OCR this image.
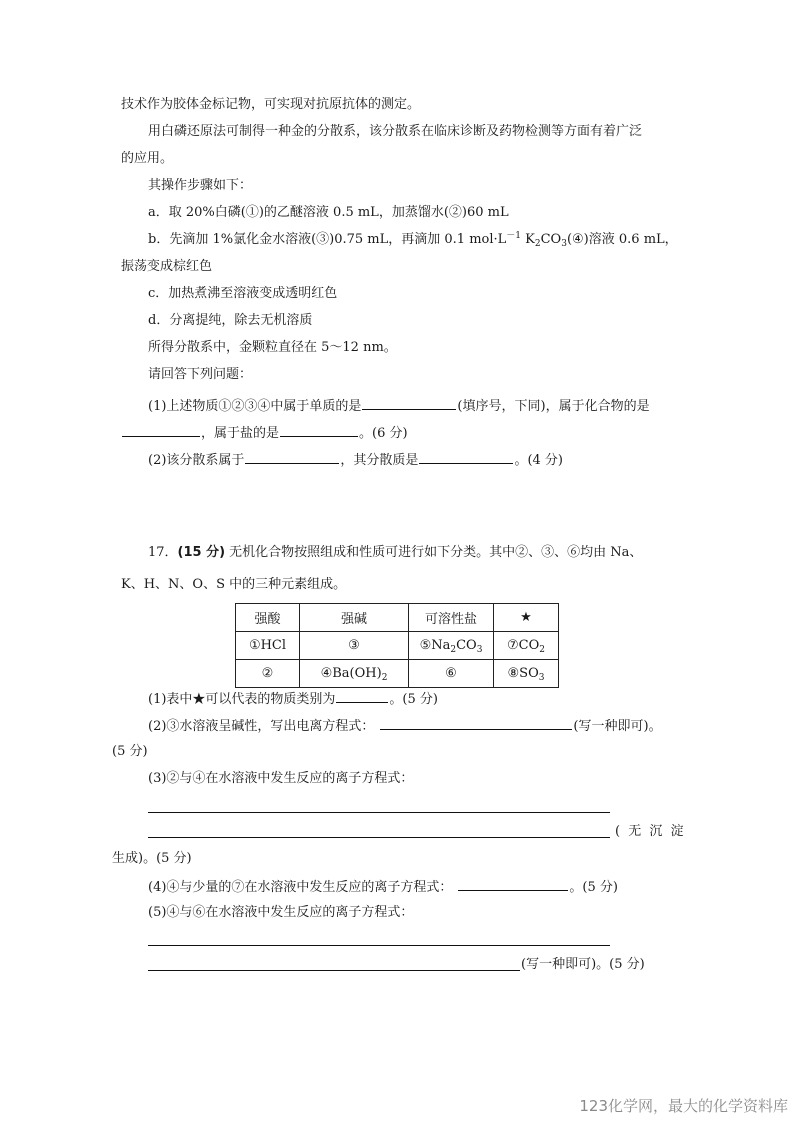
技术作为胶体金标记物，可实现对抗原抗体的测定。
用白磷还原法可制得一种金的分散系，该分散系在临床诊断及药物检测等方面有着广泛
的应用。
其操作步骤如下：
a．取 20%白磷(①)的乙醚溶液 0.5 mL，加蒸馏水(②)60 mL
b．先滴加 1%氯化金水溶液(③)0.75 mL，再滴加 0.1 $mol\cdot L^{-1}$ $K_2CO_3(④)$溶液 0.6 mL，
振荡变成棕红色
c．加热煮沸至溶液变成透明红色
d．分离提纯，除去无机溶质
所得分散系中，金颗粒直径在 5～12 nm。
请回答下列问题：
(1)上述物质①②③④中属于单质的是	(填序号，下同)，属于化合物的是
，属于盐的是	。(6 分)
(2)该分散系属于	，其分散质是	。(4 分)
17．(15 分) 无机化合物按照组成和性质可进行如下分类。其中②、③、⑥均由 Na、
K、H、N、O、S 中的三种元素组成。
强酸	强碱	可溶性盐	★
①HCl	③	$⑤Na_2CO_3$	$⑦CO_2$
②	$④Ba(OH)_2$	⑥	$⑧SO_3$
(1)表中★可以代表的物质类别为	。(5 分)
(2)③水溶液呈碱性，写出电离方程式：	(写一种即可)。
(5 分)
(3)②与④在水溶液中发生反应的离子方程式：
( 无 沉 淀
生成)。(5 分)
(4)④与少量的⑦在水溶液中发生反应的离子方程式：	。(5 分)
(5)④与⑥在水溶液中发生反应的离子方程式：
(写一种即可)。(5 分)
123化学网，最大的化学资料库
